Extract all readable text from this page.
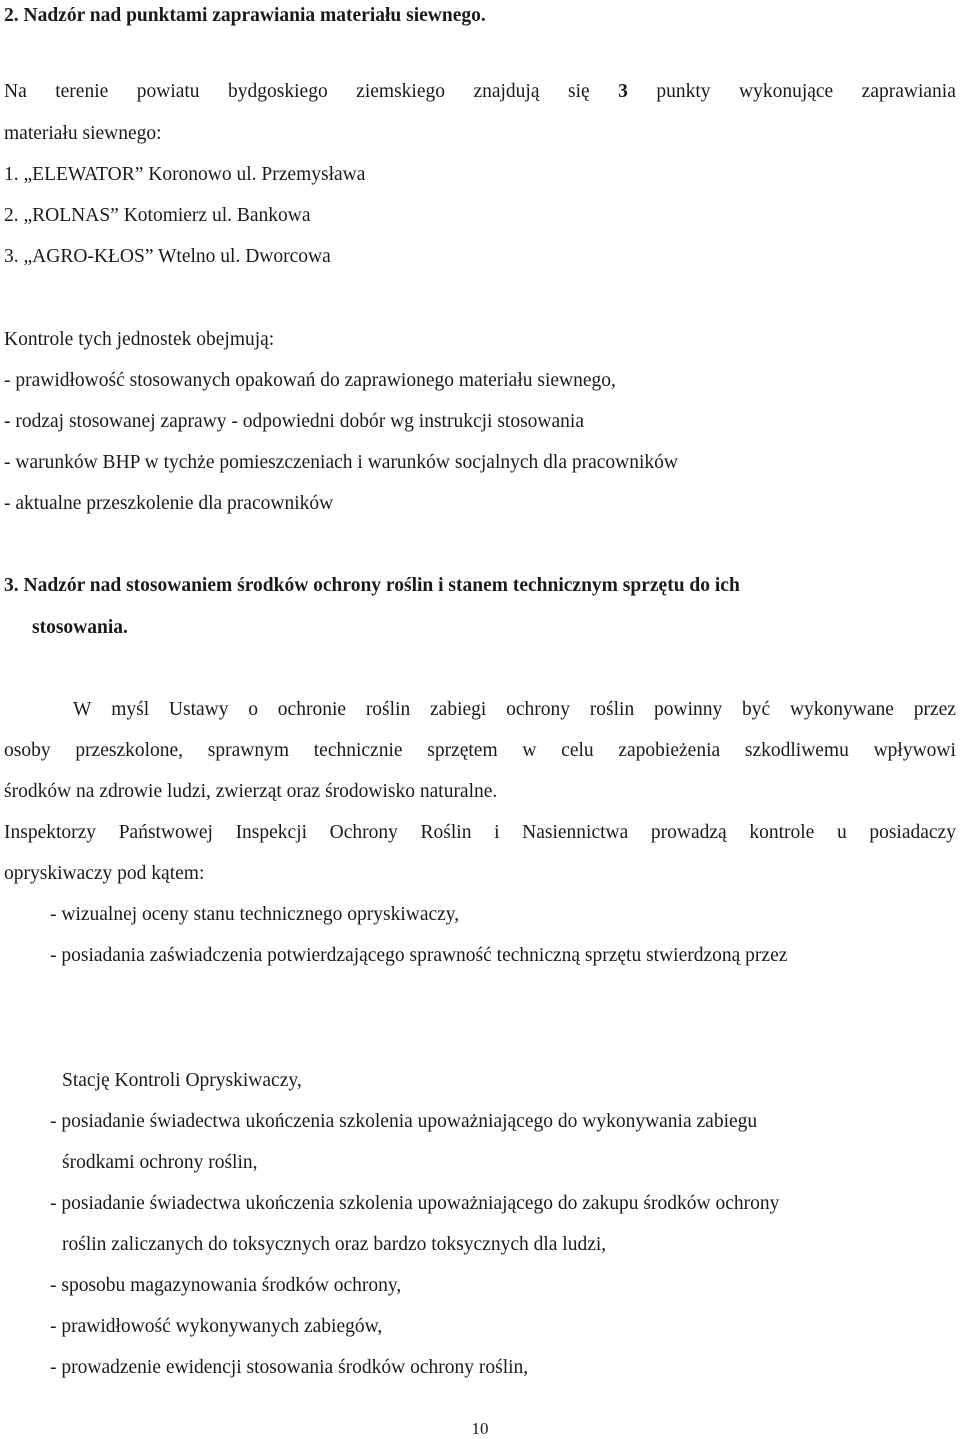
2. Nadzór nad punktami zaprawiania materiału siewnego.
Na terenie powiatu bydgoskiego ziemskiego znajdują się 3 punkty wykonujące zaprawiania
materiału siewnego:
1. „ELEWATOR” Koronowo ul. Przemysława
2. „ROLNAS” Kotomierz ul. Bankowa
3. „AGRO-KŁOS” Wtelno ul. Dworcowa
Kontrole tych jednostek obejmują:
- prawidłowość stosowanych opakowań do zaprawionego materiału siewnego,
- rodzaj stosowanej zaprawy - odpowiedni dobór wg instrukcji stosowania
- warunków BHP w tychże pomieszczeniach i warunków socjalnych dla pracowników
- aktualne przeszkolenie dla pracowników
3. Nadzór nad stosowaniem środków ochrony roślin i stanem technicznym sprzętu do ich
stosowania.
W myśl Ustawy o ochronie roślin zabiegi ochrony roślin powinny być wykonywane przez
osoby przeszkolone, sprawnym technicznie sprzętem w celu zapobieżenia szkodliwemu wpływowi
środków na zdrowie ludzi, zwierząt oraz środowisko naturalne.
Inspektorzy Państwowej Inspekcji Ochrony Roślin i Nasiennictwa prowadzą kontrole u posiadaczy
opryskiwaczy pod kątem:
- wizualnej oceny stanu technicznego opryskiwaczy,
- posiadania zaświadczenia potwierdzającego sprawność techniczną sprzętu stwierdzoną przez
Stację Kontroli Opryskiwaczy,
- posiadanie świadectwa ukończenia szkolenia upoważniającego do wykonywania zabiegu
środkami ochrony roślin,
- posiadanie świadectwa ukończenia szkolenia upoważniającego do zakupu środków ochrony
roślin zaliczanych do toksycznych oraz bardzo toksycznych dla ludzi,
- sposobu magazynowania środków ochrony,
- prawidłowość wykonywanych zabiegów,
- prowadzenie ewidencji stosowania środków ochrony roślin,
10
